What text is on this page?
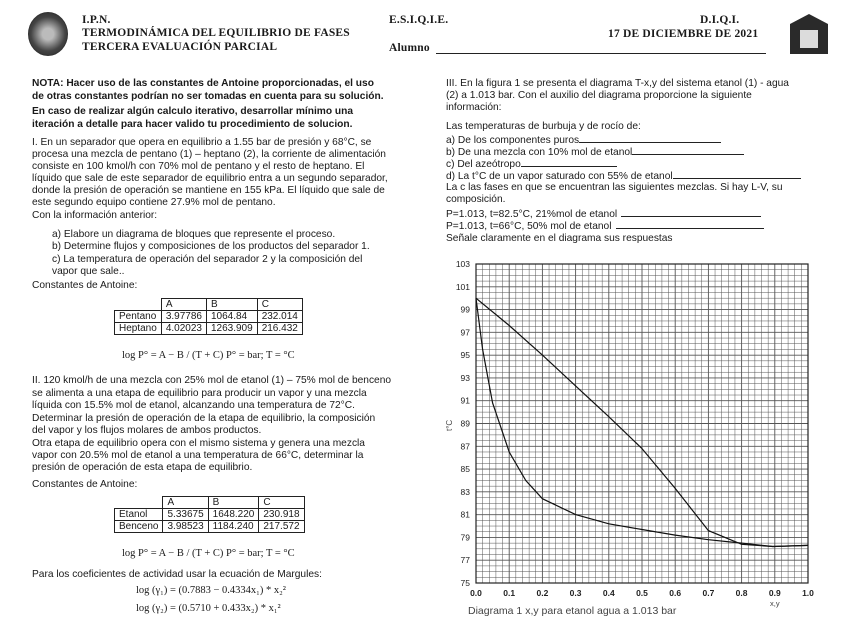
I.P.N.
TERMODINÁMICA DEL EQUILIBRIO DE FASES
TERCERA EVALUACIÓN PARCIAL
E.S.I.Q.I.E.
Alumno
D.I.Q.I.
17 DE DICIEMBRE DE 2021
NOTA: Hacer uso de las constantes de Antoine proporcionadas, el uso
de otras constantes podrían no ser tomadas en cuenta para su solución.
En caso de realizar algún calculo iterativo, desarrollar mínimo una
iteración a detalle para hacer valido tu procedimiento de solucion.
I. En un separador que opera en equilibrio a 1.55 bar de presión y 68°C, se
procesa una mezcla de pentano (1) – heptano (2), la corriente de alimentación
consiste en 100 kmol/h con 70% mol de pentano y el resto de heptano. El
líquido que sale de este separador de equilibrio entra a un segundo separador,
donde la presión de operación se mantiene en 155 kPa. El líquido que sale de
este segundo equipo contiene 27.9% mol de pentano.
Con la información anterior:
a) Elabore un diagrama de bloques que represente el proceso.
b) Determine flujos y composiciones de los productos del separador 1.
c) La temperatura de operación del separador 2 y la composición del
vapor que sale..
Constantes de Antoine:
	A	B	C
Pentano	3.97786	1064.84	232.014
Heptano	4.02023	1263.909	216.432
log P° = A − B / (T + C) P° = bar; T = °C
II. 120 kmol/h de una mezcla con 25% mol de etanol (1) – 75% mol de benceno
se alimenta a una etapa de equilibrio para producir un vapor y una mezcla
líquida con 15.5% mol de etanol, alcanzando una temperatura de 72°C.
Determinar la presión de operación de la etapa de equilibrio, la composición
del vapor y los flujos molares de ambos productos.
Otra etapa de equilibrio opera con el mismo sistema y genera una mezcla
vapor con 20.5% mol de etanol a una temperatura de 66°C, determinar la
presión de operación de esta etapa de equilibrio.
Constantes de Antoine:
	A	B	C
Etanol	5.33675	1648.220	230.918
Benceno	3.98523	1184.240	217.572
log P° = A − B / (T + C) P° = bar; T = °C
Para los coeficientes de actividad usar la ecuación de Margules:
log (γ₁) = (0.7883 − 0.4334x₁) * x₂²
log (γ₂) = (0.5710 + 0.433x₂) * x₁²
III. En la figura 1 se presenta el diagrama T-x,y del sistema etanol (1) - agua
(2) a 1.013 bar. Con el auxilio del diagrama proporcione la siguiente
información:
Las temperaturas de burbuja y de rocío de:
a) De los componentes puros
b) De una mezcla con 10% mol de etanol
c) Del azeótropo
d) La t°C de un vapor saturado con 55% de etanol
La c las fases en que se encuentran las siguientes mezclas. Si hay L-V, su
composición.
P=1.013, t=82.5°C, 21%mol de etanol
P=1.013, t=66°C, 50% mol de etanol
Señale claramente en el diagrama sus respuestas
0.0	0.1	0.2	0.3	0.4	0.5	0.6	0.7	0.8	0.9	1.0
75
77
79
81
83
85
87
89
91
93
95
97
99
101
103
Diagrama 1 x,y para etanol agua a 1.013 bar
x,y
t°C
